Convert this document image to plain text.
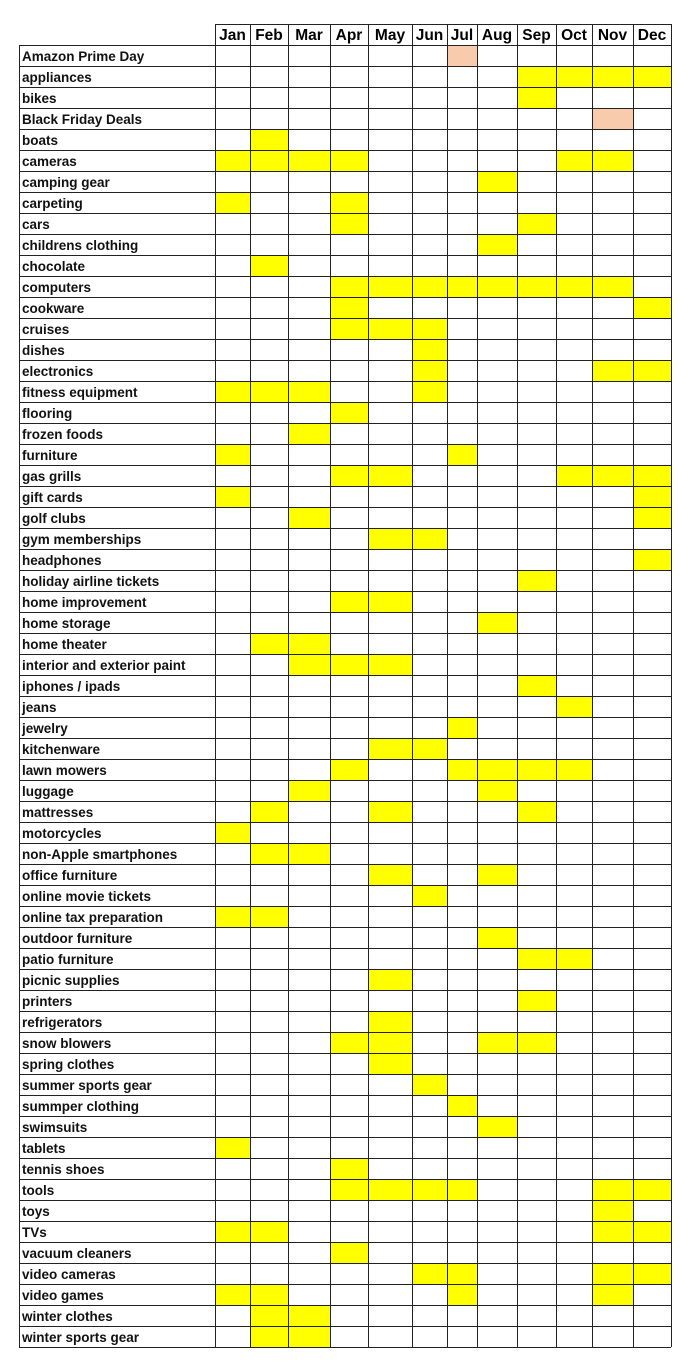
Jan Feb Mar Apr May Jun Jul Aug Sep Oct Nov Dec
Amazon Prime Day
appliances
bikes
Black Friday Deals
boats
cameras
camping gear
carpeting
cars
childrens clothing
chocolate
computers
cookware
cruises
dishes
electronics
fitness equipment
flooring
frozen foods
furniture
gas grills
gift cards
golf clubs
gym memberships
headphones
holiday airline tickets
home improvement
home storage
home theater
interior and exterior paint
iphones / ipads
jeans
jewelry
kitchenware
lawn mowers
luggage
mattresses
motorcycles
non-Apple smartphones
office furniture
online movie tickets
online tax preparation
outdoor furniture
patio furniture
picnic supplies
printers
refrigerators
snow blowers
spring clothes
summer sports gear
summper clothing
swimsuits
tablets
tennis shoes
tools
toys
TVs
vacuum cleaners
video cameras
video games
winter clothes
winter sports gear
